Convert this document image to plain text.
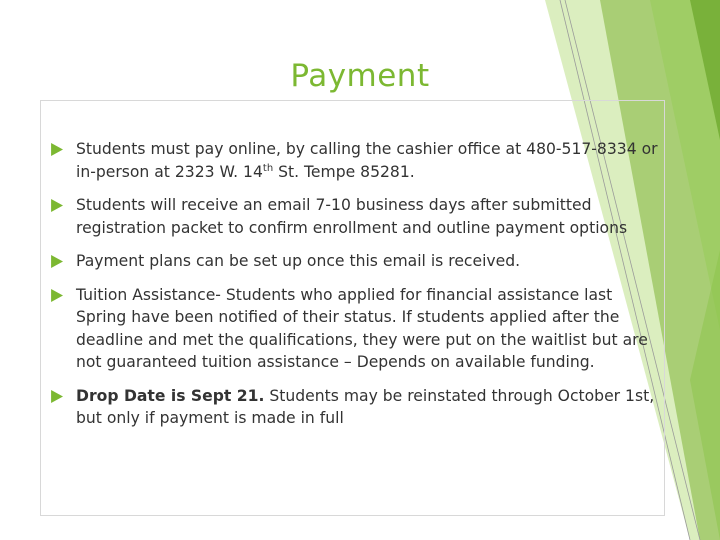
Payment
Students must pay online, by calling the cashier office at 480-517-8334 or in-person at 2323 W. 14th St. Tempe 85281.
Students will receive an email 7-10 business days after submitted registration packet to confirm enrollment and outline payment options
Payment plans can be set up once this email is received.
Tuition Assistance- Students who applied for financial assistance last Spring have been notified of their status. If students applied after the deadline and met the qualifications, they were put on the waitlist but are not guaranteed tuition assistance – Depends on available funding.
Drop Date is Sept 21. Students may be reinstated through October 1st, but only if payment is made in full
